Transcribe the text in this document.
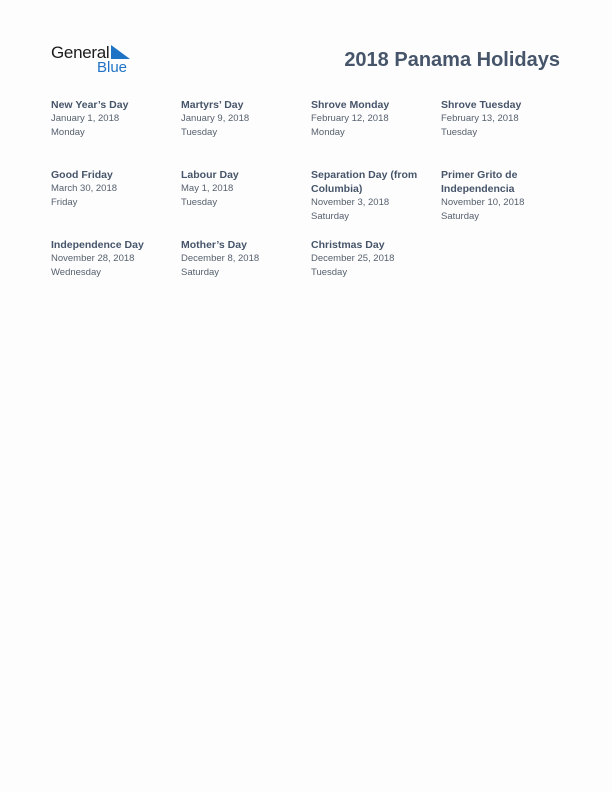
General
Blue	2018 Panama Holidays
New Year’s Day
January 1, 2018
Monday
Martyrs’ Day
January 9, 2018
Tuesday
Shrove Monday
February 12, 2018
Monday
Shrove Tuesday
February 13, 2018
Tuesday
Good Friday
March 30, 2018
Friday
Labour Day
May 1, 2018
Tuesday
Separation Day (from Columbia)
November 3, 2018
Saturday
Primer Grito de Independencia
November 10, 2018
Saturday
Independence Day
November 28, 2018
Wednesday
Mother’s Day
December 8, 2018
Saturday
Christmas Day
December 25, 2018
Tuesday
